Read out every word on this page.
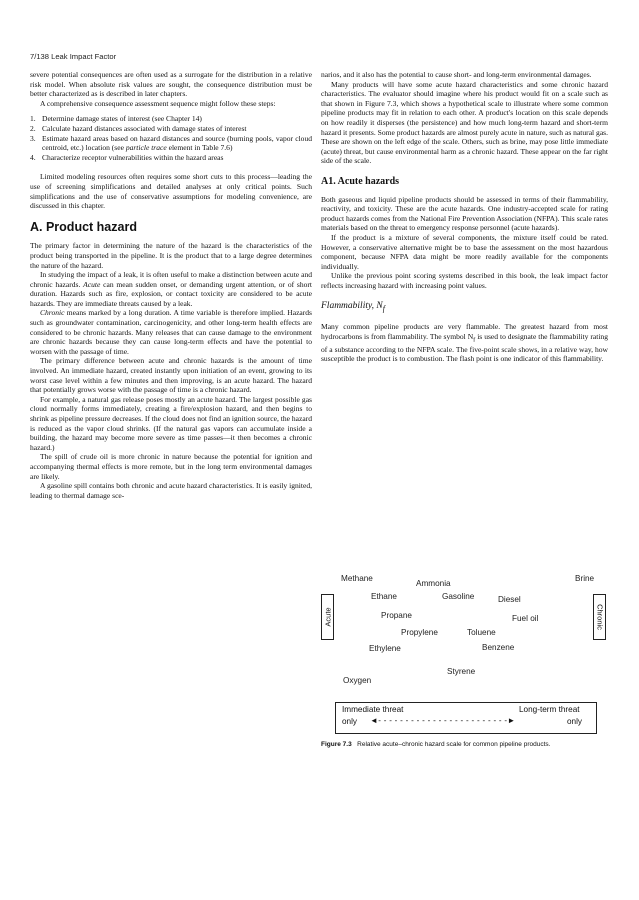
7/138 Leak Impact Factor

severe potential consequences are often used as a surrogate for the distribution in a relative risk model. When absolute risk values are sought, the consequence distribution must be better characterized as is described in later chapters.

A comprehensive consequence assessment sequence might follow these steps:

1. Determine damage states of interest (see Chapter 14)
2. Calculate hazard distances associated with damage states of interest
3. Estimate hazard areas based on hazard distances and source (burning pools, vapor cloud centroid, etc.) location (see particle trace element in Table 7.6)
4. Characterize receptor vulnerabilities within the hazard areas

Limited modeling resources often requires some short cuts to this process—leading the use of screening simplifications and detailed analyses at only critical points. Such simplifications and the use of conservative assumptions for modeling convenience, are discussed in this chapter.

A. Product hazard

The primary factor in determining the nature of the hazard is the characteristics of the product being transported in the pipeline. It is the product that to a large degree determines the nature of the hazard.

In studying the impact of a leak, it is often useful to make a distinction between acute and chronic hazards. Acute can mean sudden onset, or demanding urgent attention, or of short duration. Hazards such as fire, explosion, or contact toxicity are considered to be acute hazards. They are immediate threats caused by a leak.

Chronic means marked by a long duration. A time variable is therefore implied. Hazards such as groundwater contamination, carcinogenicity, and other long-term health effects are considered to be chronic hazards. Many releases that can cause damage to the environment are chronic hazards because they can cause long-term effects and have the potential to worsen with the passage of time.

The primary difference between acute and chronic hazards is the amount of time involved. An immediate hazard, created instantly upon initiation of an event, growing to its worst case level within a few minutes and then improving, is an acute hazard. The hazard that potentially grows worse with the passage of time is a chronic hazard.

For example, a natural gas release poses mostly an acute hazard. The largest possible gas cloud normally forms immediately, creating a fire/explosion hazard, and then begins to shrink as pipeline pressure decreases. If the cloud does not find an ignition source, the hazard is reduced as the vapor cloud shrinks. (If the natural gas vapors can accumulate inside a building, the hazard may become more severe as time passes—it then becomes a chronic hazard.)

The spill of crude oil is more chronic in nature because the potential for ignition and accompanying thermal effects is more remote, but in the long term environmental damages are likely.

A gasoline spill contains both chronic and acute hazard characteristics. It is easily ignited, leading to thermal damage sce-

narios, and it also has the potential to cause short- and long-term environmental damages.

Many products will have some acute hazard characteristics and some chronic hazard characteristics. The evaluator should imagine where his product would fit on a scale such as that shown in Figure 7.3, which shows a hypothetical scale to illustrate where some common pipeline products may fit in relation to each other. A product's location on this scale depends on how readily it disperses (the persistence) and how much long-term hazard and short-term hazard it presents. Some product hazards are almost purely acute in nature, such as natural gas. These are shown on the left edge of the scale. Others, such as brine, may pose little immediate (acute) threat, but cause environmental harm as a chronic hazard. These appear on the far right side of the scale.

A1. Acute hazards

Both gaseous and liquid pipeline products should be assessed in terms of their flammability, reactivity, and toxicity. These are the acute hazards. One industry-accepted scale for rating product hazards comes from the National Fire Prevention Association (NFPA). This scale rates materials based on the threat to emergency response personnel (acute hazards).

If the product is a mixture of several components, the mixture itself could be rated. However, a conservative alternative might be to base the assessment on the most hazardous component, because NFPA data might be more readily available for the components individually.

Unlike the previous point scoring systems described in this book, the leak impact factor reflects increasing hazard with increasing point values.

Flammability, $N_f$

Many common pipeline products are very flammable. The greatest hazard from most hydrocarbons is from flammability. The symbol $N_f$ is used to designate the flammability rating of a substance according to the NFPA scale. The five-point scale shows, in a relative way, how susceptible the product is to combustion. The flash point is one indicator of this flammability.

Methane
Ammonia
Brine
Ethane	Gasoline	Diesel
Propane	Fuel oil
Propylene	Toluene
Ethylene	Benzene
Styrene
Oxygen
Acute	Chronic
Immediate threat
only
Long-term threat
only
◄- - - - - - - - - - - - - - - - - - - - - - - -►
Figure 7.3 Relative acute–chronic hazard scale for common pipeline products.
